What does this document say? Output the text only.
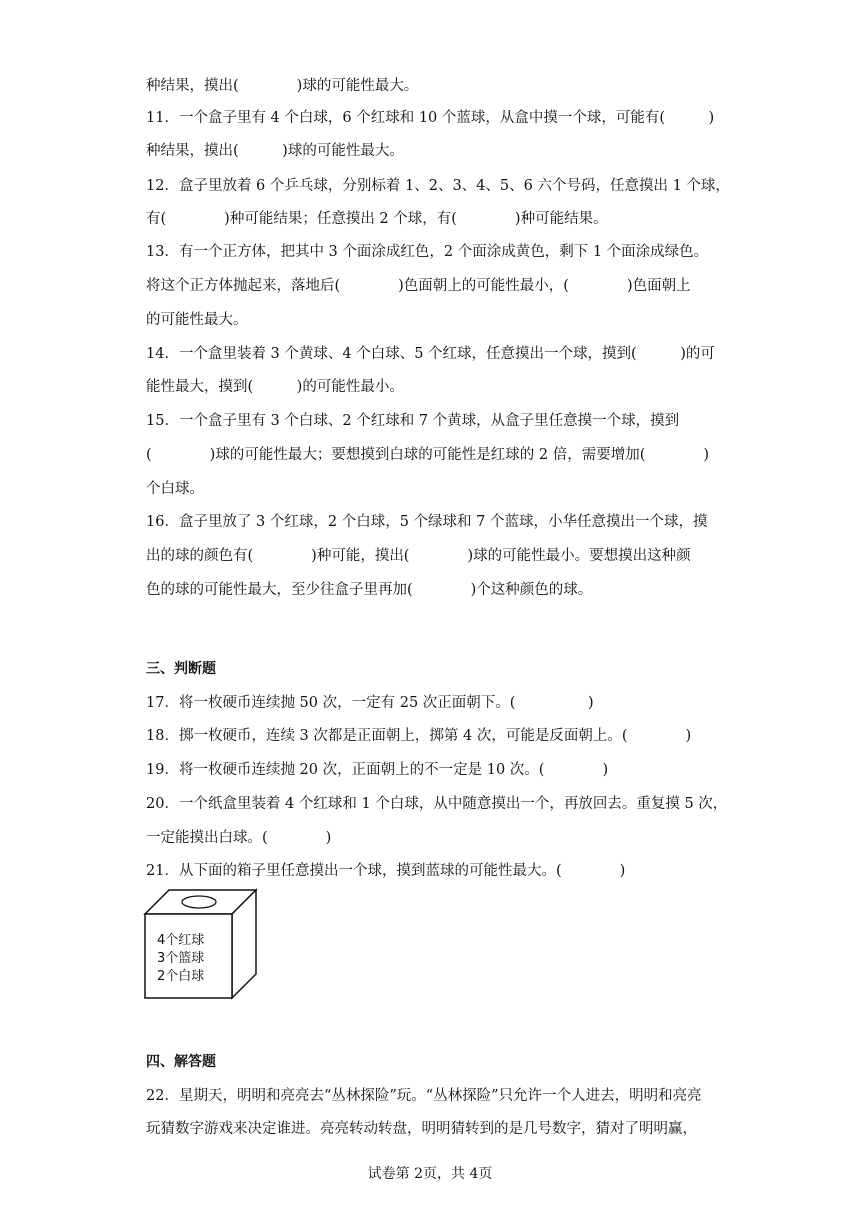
种结果，摸出(　　　　)球的可能性最大。
11．一个盒子里有 4 个白球，6 个红球和 10 个蓝球，从盒中摸一个球，可能有(　　　)
种结果，摸出(　　　)球的可能性最大。
12．盒子里放着 6 个乒乓球，分别标着 1、2、3、4、5、6 六个号码，任意摸出 1 个球，
有(　　　　)种可能结果；任意摸出 2 个球，有(　　　　)种可能结果。
13．有一个正方体，把其中 3 个面涂成红色，2 个面涂成黄色，剩下 1 个面涂成绿色。
将这个正方体抛起来，落地后(　　　　)色面朝上的可能性最小，(　　　　)色面朝上
的可能性最大。
14．一个盒里装着 3 个黄球、4 个白球、5 个红球，任意摸出一个球，摸到(　　　)的可
能性最大，摸到(　　　)的可能性最小。
15．一个盒子里有 3 个白球、2 个红球和 7 个黄球，从盒子里任意摸一个球，摸到
(　　　　)球的可能性最大；要想摸到白球的可能性是红球的 2 倍，需要增加(　　　　)
个白球。
16．盒子里放了 3 个红球，2 个白球，5 个绿球和 7 个蓝球，小华任意摸出一个球，摸
出的球的颜色有(　　　　)种可能，摸出(　　　　)球的可能性最小。要想摸出这种颜
色的球的可能性最大，至少往盒子里再加(　　　　)个这种颜色的球。
三、判断题
17．将一枚硬币连续抛 50 次，一定有 25 次正面朝下。(　　　　　)
18．掷一枚硬币，连续 3 次都是正面朝上，掷第 4 次，可能是反面朝上。(　　　　)
19．将一枚硬币连续抛 20 次，正面朝上的不一定是 10 次。(　　　　)
20．一个纸盒里装着 4 个红球和 1 个白球，从中随意摸出一个，再放回去。重复摸 5 次，
一定能摸出白球。(　　　　)
21．从下面的箱子里任意摸出一个球，摸到蓝球的可能性最大。(　　　　)
4个红球
3个篮球
2个白球
四、解答题
22．星期天，明明和亮亮去“丛林探险”玩。“丛林探险”只允许一个人进去，明明和亮亮
玩猜数字游戏来决定谁进。亮亮转动转盘，明明猜转到的是几号数字，猜对了明明赢，
试卷第 2页，共 4页
